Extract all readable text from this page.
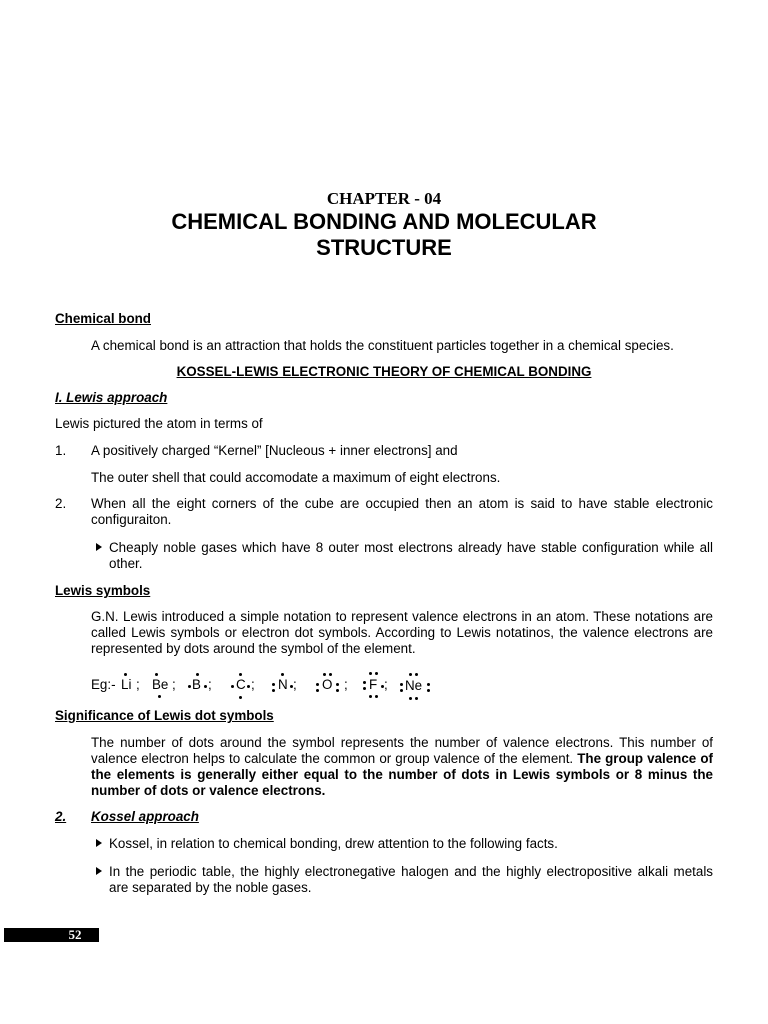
CHAPTER - 04
CHEMICAL BONDING AND MOLECULAR
STRUCTURE
Chemical bond
A chemical bond is an attraction that holds the constituent particles together in a chemical species.
KOSSEL-LEWIS ELECTRONIC THEORY OF CHEMICAL BONDING
I. Lewis approach
Lewis pictured the atom in terms of
1. A positively charged “Kernel” [Nucleous + inner electrons] and
The outer shell that could accomodate a maximum of eight electrons.
2. When all the eight corners of the cube are occupied then an atom is said to have stable electronic configuraiton.
Cheaply noble gases which have 8 outer most electrons already have stable configuration while all other.
Lewis symbols
G.N. Lewis introduced a simple notation to represent valence electrons in an atom. These notations are called Lewis symbols or electron dot symbols. According to Lewis notatinos, the valence electrons are represented by dots around the symbol of the element.
Eg:- Li ; Be ; B ; C ; N ; O ; F ; Ne
Significance of Lewis dot symbols
The number of dots around the symbol represents the number of valence electrons. This number of valence electron helps to calculate the common or group valence of the element. The group valence of the elements is generally either equal to the number of dots in Lewis symbols or 8 minus the number of dots or valence electrons.
2. Kossel approach
Kossel, in relation to chemical bonding, drew attention to the following facts.
In the periodic table, the highly electronegative halogen and the highly electropositive alkali metals are separated by the noble gases.
52
